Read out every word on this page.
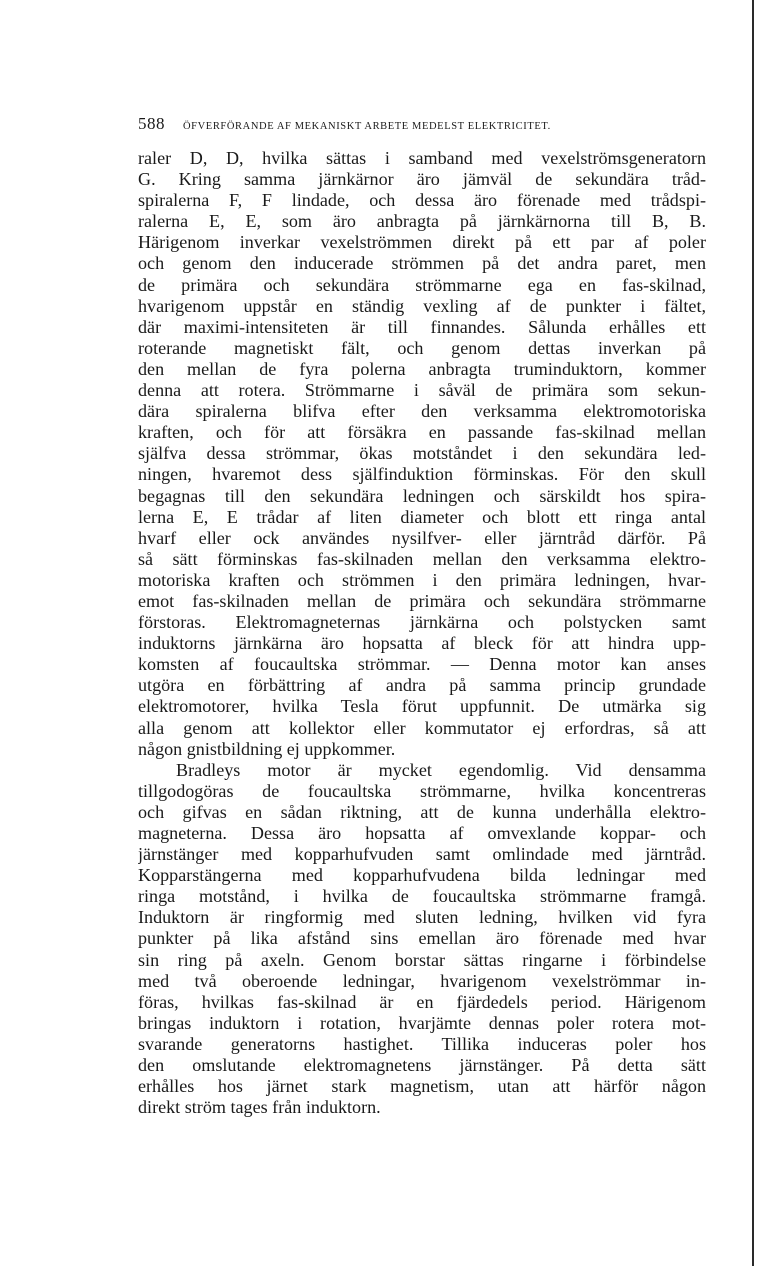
588 ÖFVERFÖRANDE AF MEKANISKT ARBETE MEDELST ELEKTRICITET.
raler D, D, hvilka sättas i samband med vexelströmsgeneratorn
G. Kring samma järnkärnor äro jämväl de sekundära tråd-
spiralerna F, F lindade, och dessa äro förenade med trådspi-
ralerna E, E, som äro anbragta på järnkärnorna till B, B.
Härigenom inverkar vexelströmmen direkt på ett par af poler
och genom den inducerade strömmen på det andra paret, men
de primära och sekundära strömmarne ega en fas-skilnad,
hvarigenom uppstår en ständig vexling af de punkter i fältet,
där maximi-intensiteten är till finnandes. Sålunda erhålles ett
roterande magnetiskt fält, och genom dettas inverkan på
den mellan de fyra polerna anbragta truminduktorn, kommer
denna att rotera. Strömmarne i såväl de primära som sekun-
dära spiralerna blifva efter den verksamma elektromotoriska
kraften, och för att försäkra en passande fas-skilnad mellan
själfva dessa strömmar, ökas motståndet i den sekundära led-
ningen, hvaremot dess själfinduktion förminskas. För den skull
begagnas till den sekundära ledningen och särskildt hos spira-
lerna E, E trådar af liten diameter och blott ett ringa antal
hvarf eller ock användes nysilfver- eller järntråd därför. På
så sätt förminskas fas-skilnaden mellan den verksamma elektro-
motoriska kraften och strömmen i den primära ledningen, hvar-
emot fas-skilnaden mellan de primära och sekundära strömmarne
förstoras. Elektromagneternas järnkärna och polstycken samt
induktorns järnkärna äro hopsatta af bleck för att hindra upp-
komsten af foucaultska strömmar. — Denna motor kan anses
utgöra en förbättring af andra på samma princip grundade
elektromotorer, hvilka Tesla förut uppfunnit. De utmärka sig
alla genom att kollektor eller kommutator ej erfordras, så att
någon gnistbildning ej uppkommer.
Bradleys motor är mycket egendomlig. Vid densamma
tillgodogöras de foucaultska strömmarne, hvilka koncentreras
och gifvas en sådan riktning, att de kunna underhålla elektro-
magneterna. Dessa äro hopsatta af omvexlande koppar- och
järnstänger med kopparhufvuden samt omlindade med järntråd.
Kopparstängerna med kopparhufvudena bilda ledningar med
ringa motstånd, i hvilka de foucaultska strömmarne framgå.
Induktorn är ringformig med sluten ledning, hvilken vid fyra
punkter på lika afstånd sins emellan äro förenade med hvar
sin ring på axeln. Genom borstar sättas ringarne i förbindelse
med två oberoende ledningar, hvarigenom vexelströmmar in-
föras, hvilkas fas-skilnad är en fjärdedels period. Härigenom
bringas induktorn i rotation, hvarjämte dennas poler rotera mot-
svarande generatorns hastighet. Tillika induceras poler hos
den omslutande elektromagnetens järnstänger. På detta sätt
erhålles hos järnet stark magnetism, utan att härför någon
direkt ström tages från induktorn.
